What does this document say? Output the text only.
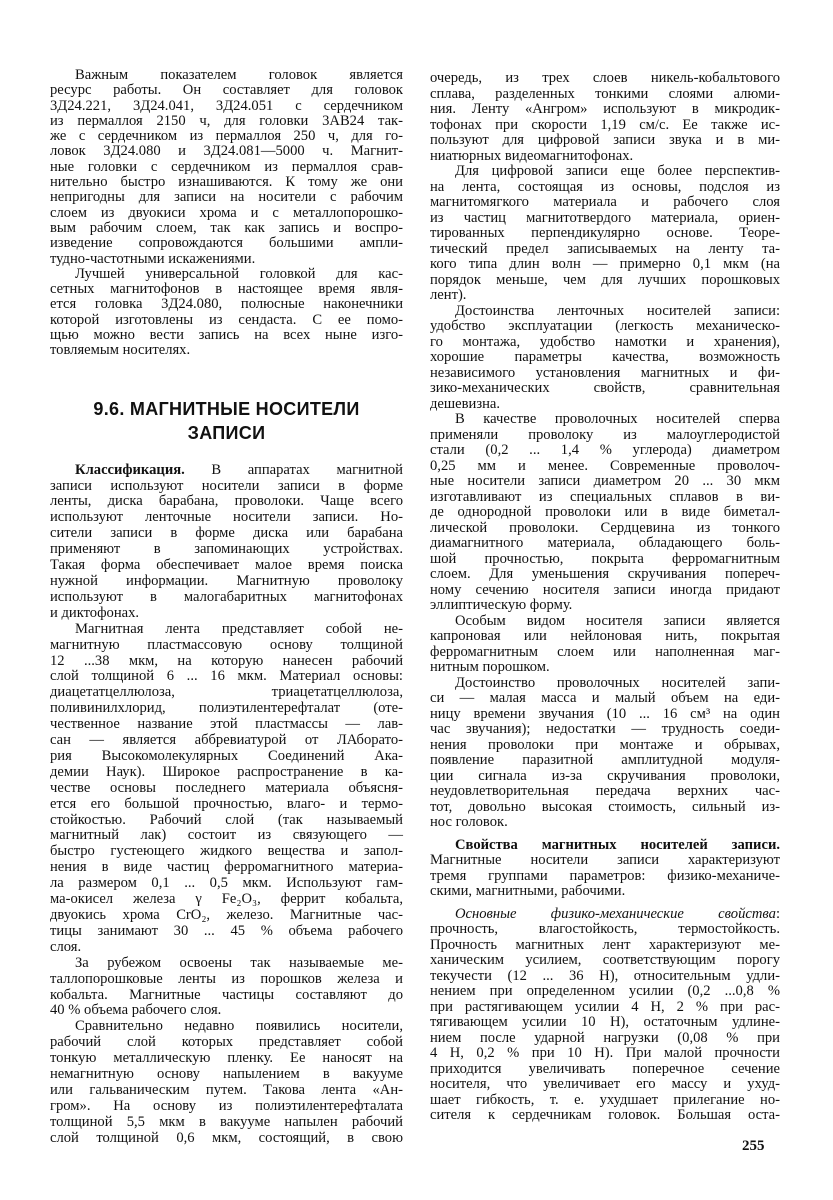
Важным показателем головок является
ресурс работы. Он составляет для головок
3Д24.221, 3Д24.041, 3Д24.051 с сердечником
из пермаллоя 2150 ч, для головки 3АВ24 так-
же с сердечником из пермаллоя 250 ч, для го-
ловок 3Д24.080 и 3Д24.081—5000 ч. Магнит-
ные головки с сердечником из пермаллоя срав-
нительно быстро изнашиваются. К тому же они
непригодны для записи на носители с рабочим
слоем из двуокиси хрома и с металлопорошко-
вым рабочим слоем, так как запись и воспро-
изведение сопровождаются большими ампли-
тудно-частотными искажениями.
Лучшей универсальной головкой для кас-
сетных магнитофонов в настоящее время явля-
ется головка 3Д24.080, полюсные наконечники
которой изготовлены из сендаста. С ее помо-
щью можно вести запись на всех ныне изго-
товляемым носителях.
9.6. МАГНИТНЫЕ НОСИТЕЛИ
ЗАПИСИ
Классификация. В аппаратах магнитной
записи используют носители записи в форме
ленты, диска барабана, проволоки. Чаще всего
используют ленточные носители записи. Но-
сители записи в форме диска или барабана
применяют в запоминающих устройствах.
Такая форма обеспечивает малое время поиска
нужной информации. Магнитную проволоку
используют в малогабаритных магнитофонах
и диктофонах.
Магнитная лента представляет собой не-
магнитную пластмассовую основу толщиной
12 ...38 мкм, на которую нанесен рабочий
слой толщиной 6 ... 16 мкм. Материал основы:
диацетатцеллюлоза, триацетатцеллюлоза,
поливинилхлорид, полиэтилентерефталат (оте-
чественное название этой пластмассы — лав-
сан — является аббревиатурой от ЛАборато-
рия Высокомолекулярных Соединений Ака-
демии Наук). Широкое распространение в ка-
честве основы последнего материала объясня-
ется его большой прочностью, влаго- и термо-
стойкостью. Рабочий слой (так называемый
магнитный лак) состоит из связующего —
быстро густеющего жидкого вещества и запол-
нения в виде частиц ферромагнитного материа-
ла размером 0,1 ... 0,5 мкм. Используют гам-
ма-окисел железа γ Fe₂O₃, феррит кобальта,
двуокись хрома CrO₂, железо. Магнитные час-
тицы занимают 30 ... 45 % объема рабочего
слоя.
За рубежом освоены так называемые ме-
таллопорошковые ленты из порошков железа и
кобальта. Магнитные частицы составляют до
40 % объема рабочего слоя.
Сравнительно недавно появились носители,
рабочий слой которых представляет собой
тонкую металлическую пленку. Ее наносят на
немагнитную основу напылением в вакууме
или гальваническим путем. Такова лента «Ан-
гром». На основу из полиэтилентерефталата
толщиной 5,5 мкм в вакууме напылен рабочий
слой толщиной 0,6 мкм, состоящий, в свою
очередь, из трех слоев никель-кобальтового
сплава, разделенных тонкими слоями алюми-
ния. Ленту «Ангром» используют в микродик-
тофонах при скорости 1,19 см/с. Ее также ис-
пользуют для цифровой записи звука и в ми-
ниатюрных видеомагнитофонах.
Для цифровой записи еще более перспектив-
на лента, состоящая из основы, подслоя из
магнитомягкого материала и рабочего слоя
из частиц магнитотвердого материала, ориен-
тированных перпендикулярно основе. Теоре-
тический предел записываемых на ленту та-
кого типа длин волн — примерно 0,1 мкм (на
порядок меньше, чем для лучших порошковых
лент).
Достоинства ленточных носителей записи:
удобство эксплуатации (легкость механическо-
го монтажа, удобство намотки и хранения),
хорошие параметры качества, возможность
независимого установления магнитных и фи-
зико-механических свойств, сравнительная
дешевизна.
В качестве проволочных носителей сперва
применяли проволоку из малоуглеродистой
стали (0,2 ... 1,4 % углерода) диаметром
0,25 мм и менее. Современные проволоч-
ные носители записи диаметром 20 ... 30 мкм
изготавливают из специальных сплавов в ви-
де однородной проволоки или в виде биметал-
лической проволоки. Сердцевина из тонкого
диамагнитного материала, обладающего боль-
шой прочностью, покрыта ферромагнитным
слоем. Для уменьшения скручивания попереч-
ному сечению носителя записи иногда придают
эллиптическую форму.
Особым видом носителя записи является
капроновая или нейлоновая нить, покрытая
ферромагнитным слоем или наполненная маг-
нитным порошком.
Достоинство проволочных носителей запи-
си — малая масса и малый объем на еди-
ницу времени звучания (10 ... 16 см³ на один
час звучания); недостатки — трудность соеди-
нения проволоки при монтаже и обрывах,
появление паразитной амплитудной модуля-
ции сигнала из-за скручивания проволоки,
неудовлетворительная передача верхних час-
тот, довольно высокая стоимость, сильный из-
нос головок.
Свойства магнитных носителей записи.
Магнитные носители записи характеризуют
тремя группами параметров: физико-механиче-
скими, магнитными, рабочими.
Основные физико-механические свойства:
прочность, влагостойкость, термостойкость.
Прочность магнитных лент характеризуют ме-
ханическим усилием, соответствующим порогу
текучести (12 ... 36 Н), относительным удли-
нением при определенном усилии (0,2 ...0,8 %
при растягивающем усилии 4 Н, 2 % при рас-
тягивающем усилии 10 Н), остаточным удлине-
нием после ударной нагрузки (0,08 % при
4 Н, 0,2 % при 10 Н). При малой прочности
приходится увеличивать поперечное сечение
носителя, что увеличивает его массу и ухуд-
шает гибкость, т. е. ухудшает прилегание но-
сителя к сердечникам головок. Большая оста-
255
